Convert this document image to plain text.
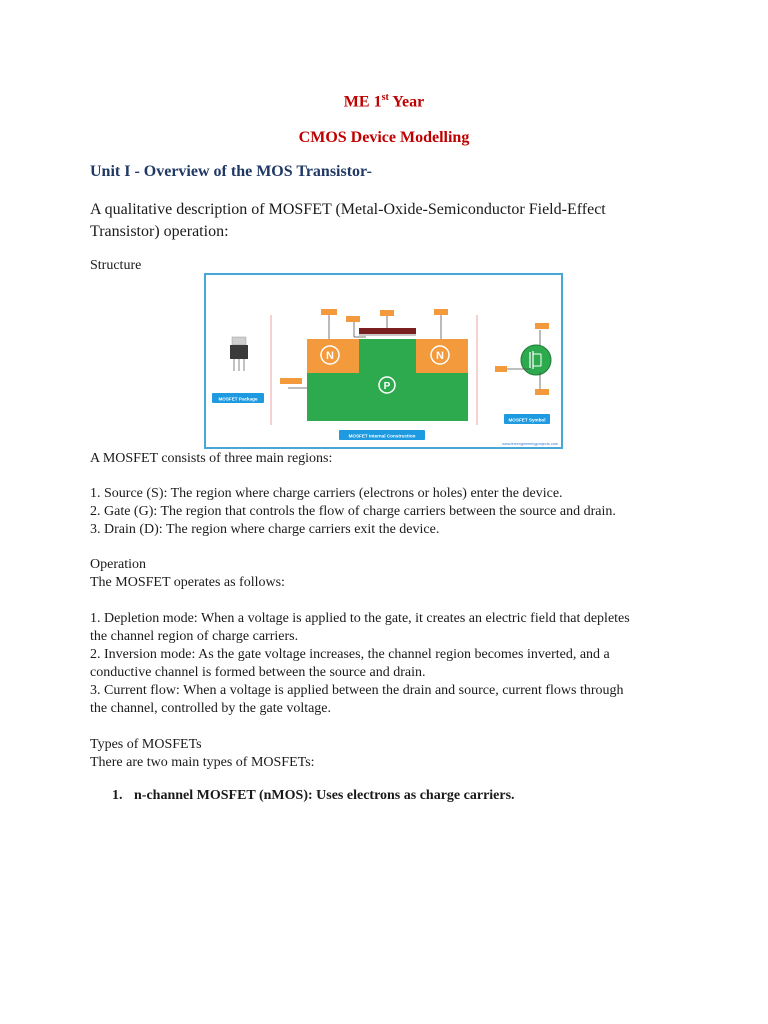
ME 1st Year
CMOS Device Modelling
Unit I - Overview of the MOS Transistor-
A qualitative description of MOSFET (Metal-Oxide-Semiconductor Field-Effect
Transistor) operation:
Structure
MOSFET Package
N	N
P
MOSFET Internal Construction
MOSFET Symbol
www.theengineeringprojects.com
A MOSFET consists of three main regions:
1. Source (S): The region where charge carriers (electrons or holes) enter the device.
2. Gate (G): The region that controls the flow of charge carriers between the source and drain.
3. Drain (D): The region where charge carriers exit the device.
Operation
The MOSFET operates as follows:
1. Depletion mode: When a voltage is applied to the gate, it creates an electric field that depletes
the channel region of charge carriers.
2. Inversion mode: As the gate voltage increases, the channel region becomes inverted, and a
conductive channel is formed between the source and drain.
3. Current flow: When a voltage is applied between the drain and source, current flows through
the channel, controlled by the gate voltage.
Types of MOSFETs
There are two main types of MOSFETs:
1. n-channel MOSFET (nMOS): Uses electrons as charge carriers.
